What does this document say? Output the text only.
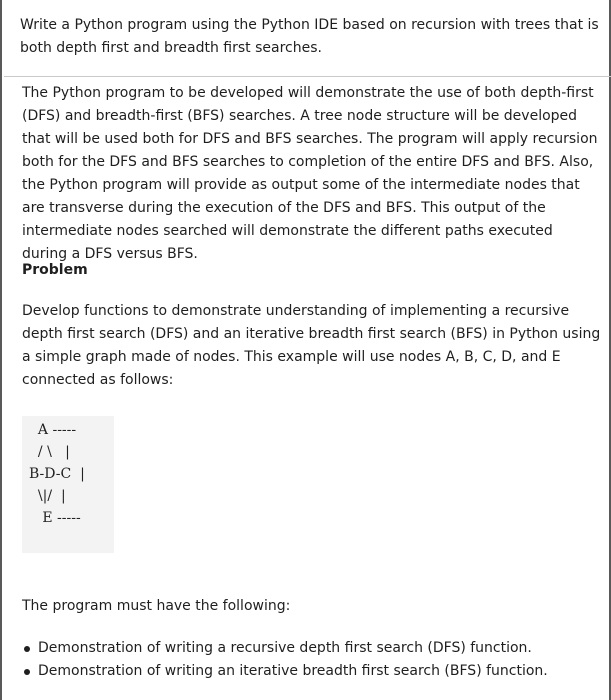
Write a Python program using the Python IDE based on recursion with trees that is both depth first and breadth first searches.

The Python program to be developed will demonstrate the use of both depth-first (DFS) and breadth-first (BFS) searches. A tree node structure will be developed that will be used both for DFS and BFS searches. The program will apply recursion both for the DFS and BFS searches to completion of the entire DFS and BFS. Also, the Python program will provide as output some of the intermediate nodes that are transverse during the execution of the DFS and BFS. This output of the intermediate nodes searched will demonstrate the different paths executed during a DFS versus BFS.

Problem

Develop functions to demonstrate understanding of implementing a recursive depth first search (DFS) and an iterative breadth first search (BFS) in Python using a simple graph made of nodes. This example will use nodes A, B, C, D, and E connected as follows:

A -----
/ \   |
B-D-C  |
\|/  |
E -----

The program must have the following:

Demonstration of writing a recursive depth first search (DFS) function.
Demonstration of writing an iterative breadth first search (BFS) function.
